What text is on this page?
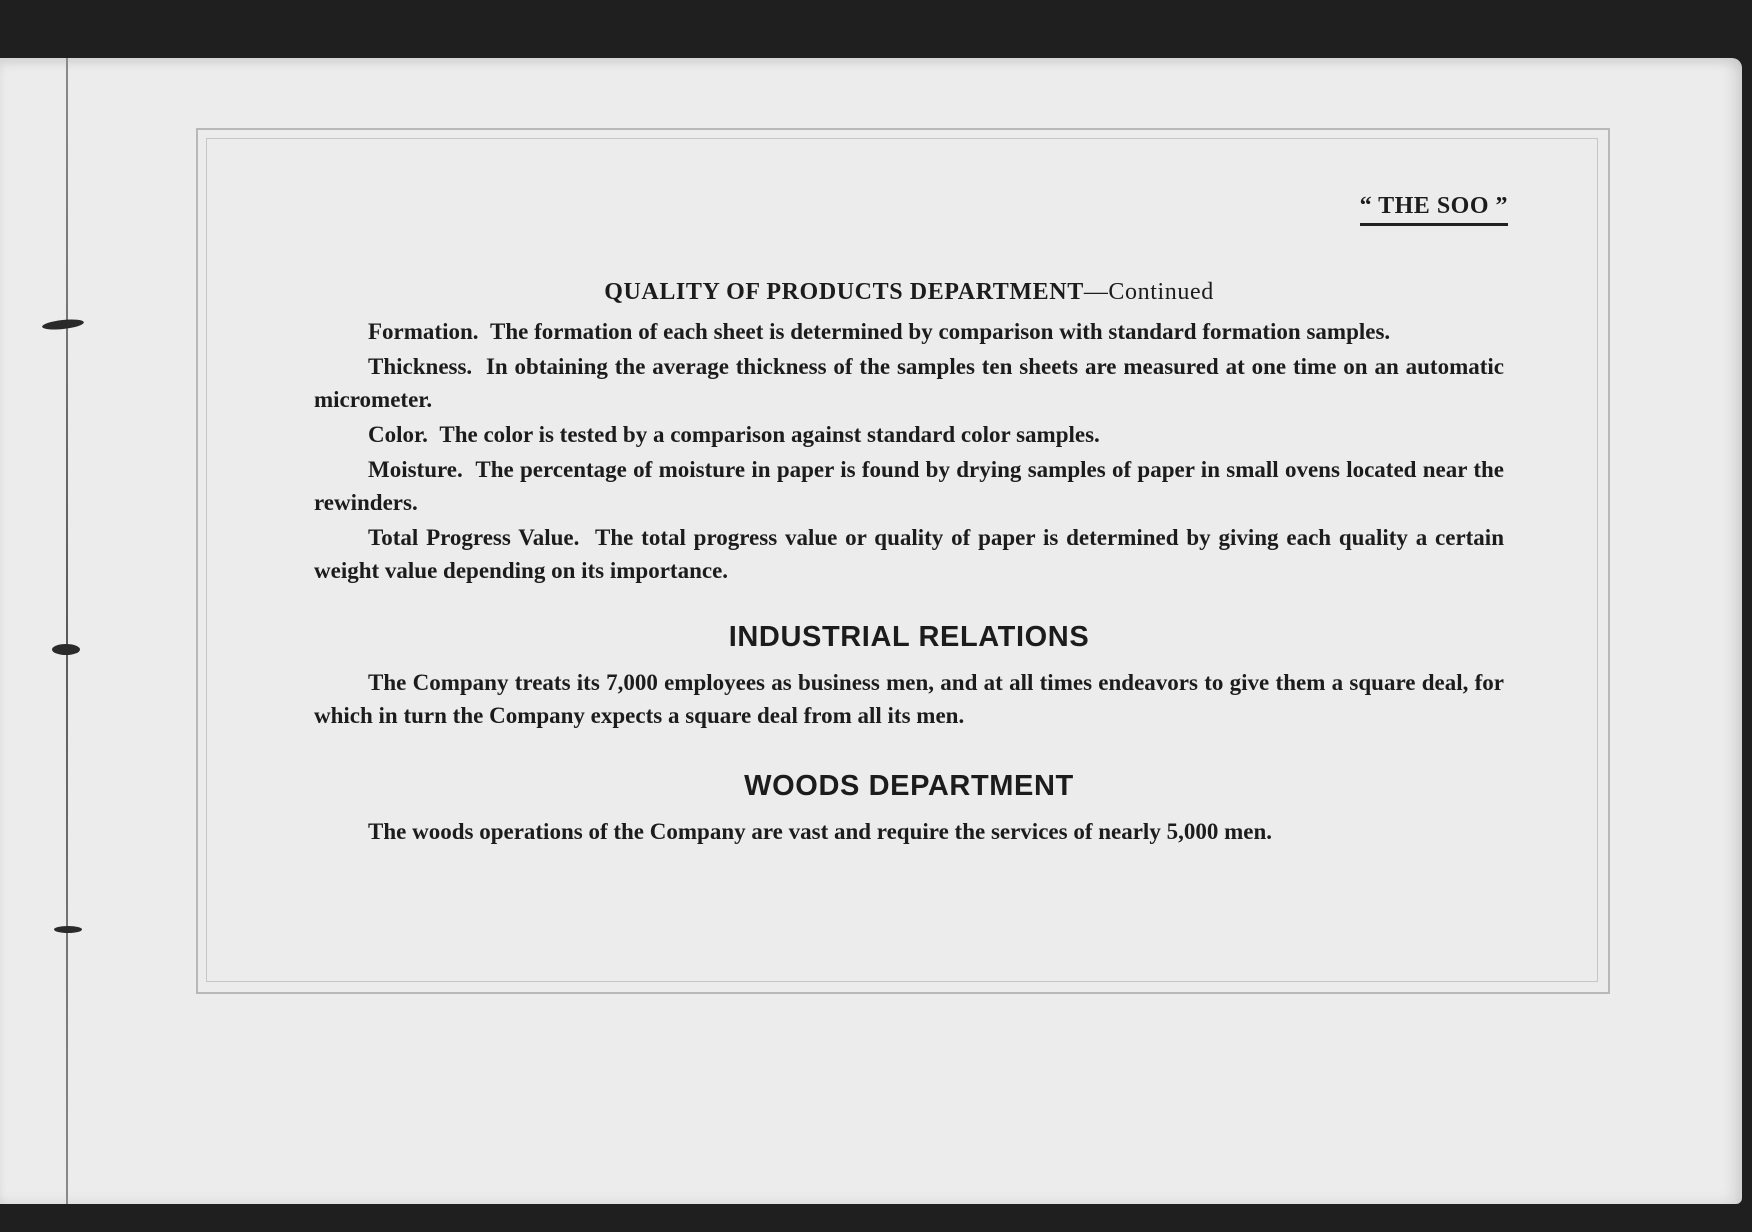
“ THE SOO ”
QUALITY OF PRODUCTS DEPARTMENT—Continued

Formation. The formation of each sheet is determined by comparison with standard formation samples.

Thickness. In obtaining the average thickness of the samples ten sheets are measured at one time on an automatic micrometer.

Color. The color is tested by a comparison against standard color samples.

Moisture. The percentage of moisture in paper is found by drying samples of paper in small ovens located near the rewinders.

Total Progress Value. The total progress value or quality of paper is determined by giving each quality a certain weight value depending on its importance.

INDUSTRIAL RELATIONS

The Company treats its 7,000 employees as business men, and at all times endeavors to give them a square deal, for which in turn the Company expects a square deal from all its men.

WOODS DEPARTMENT

The woods operations of the Company are vast and require the services of nearly 5,000 men.
